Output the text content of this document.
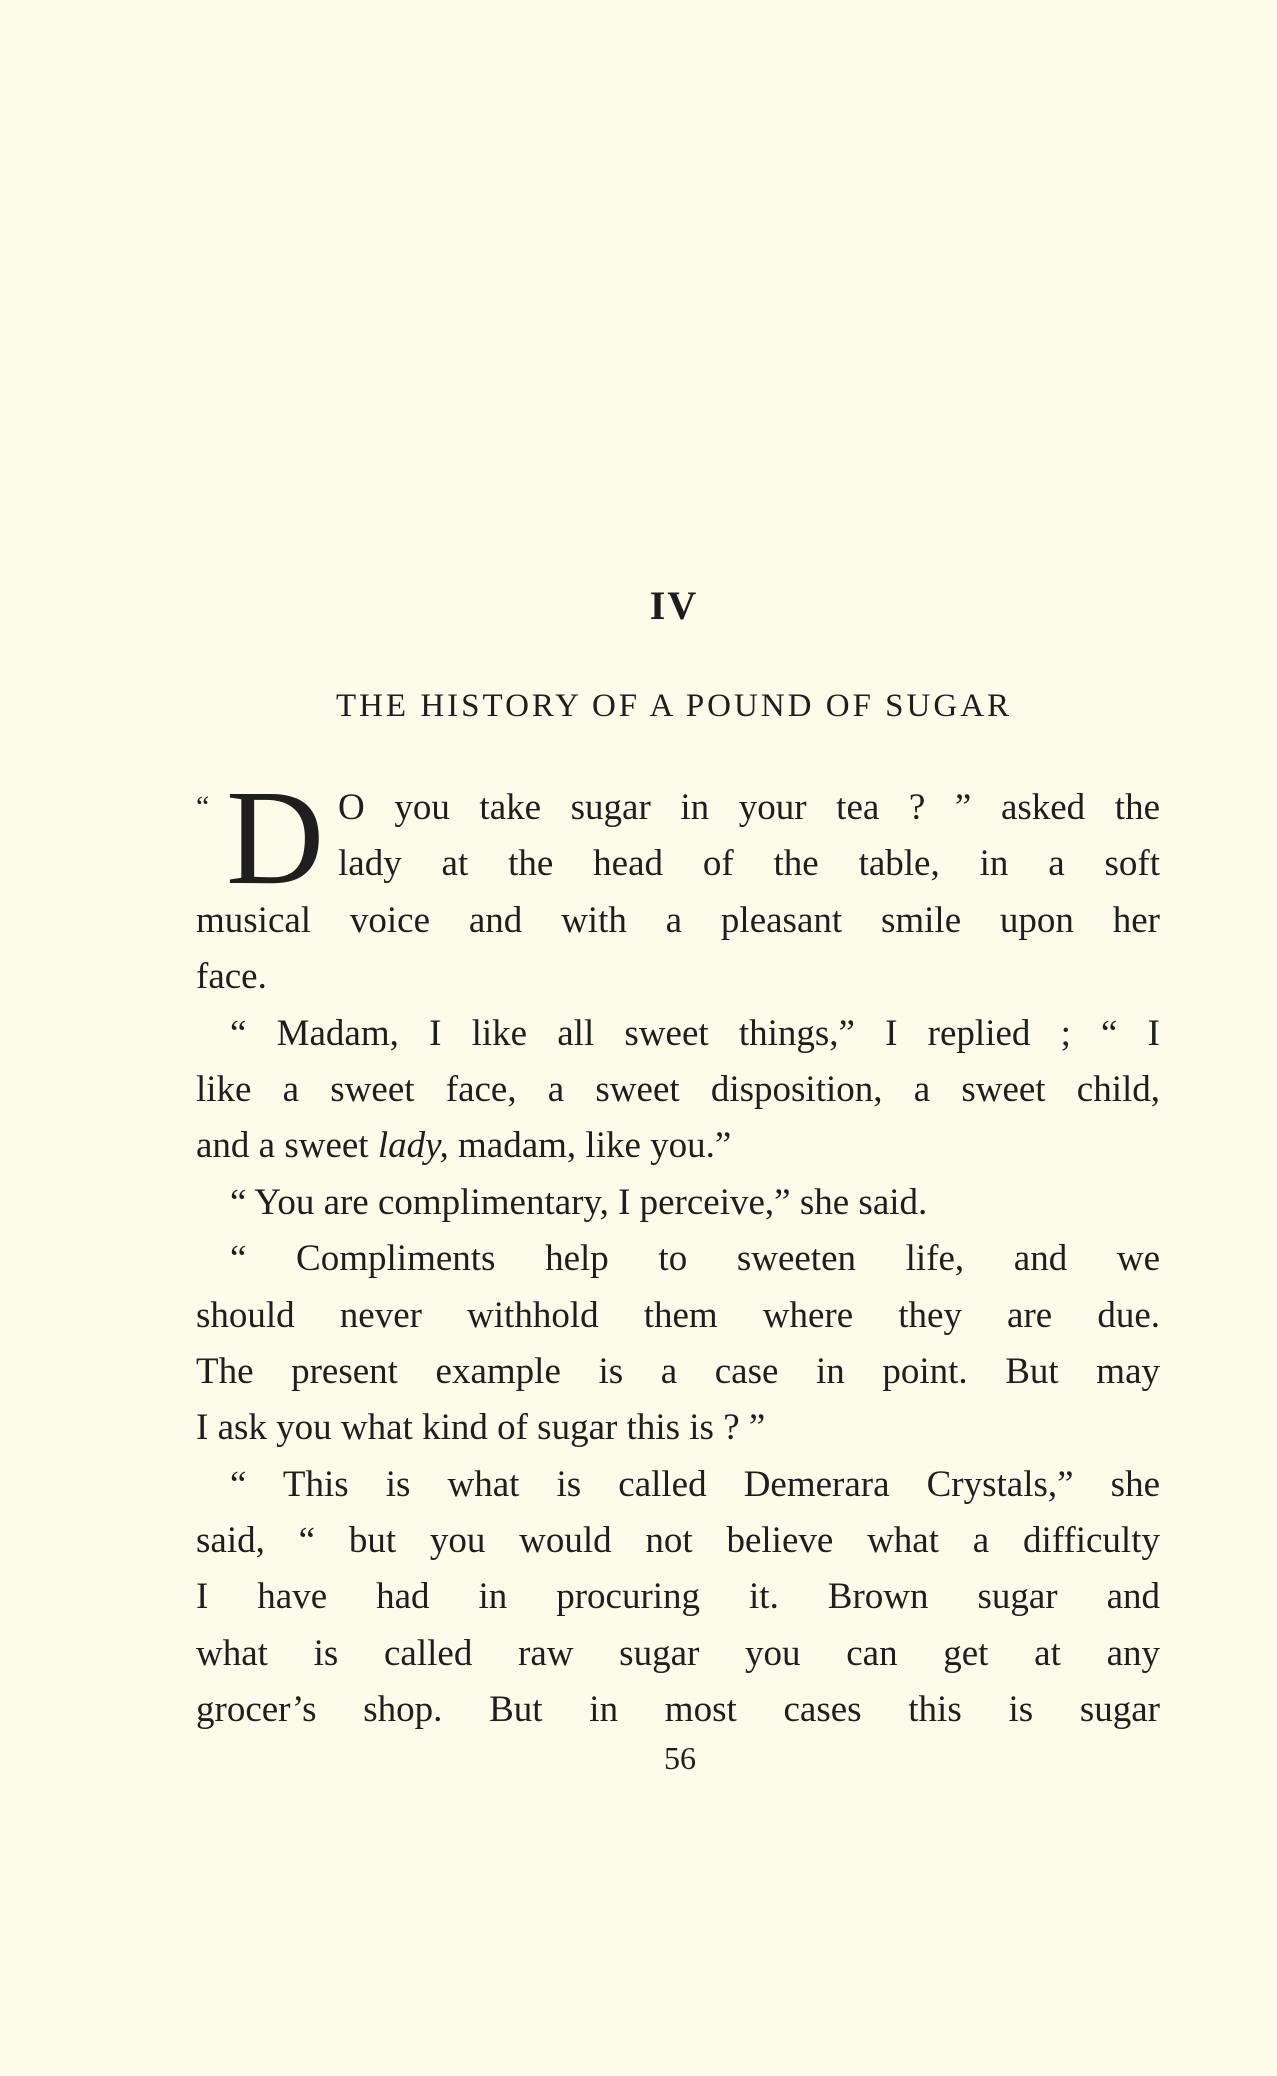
IV
THE HISTORY OF A POUND OF SUGAR
“ D O you take sugar in your tea ? ” asked the
lady at the head of the table, in a soft
musical voice and with a pleasant smile upon her
face.
“ Madam, I like all sweet things,” I replied ; “ I
like a sweet face, a sweet disposition, a sweet child,
and a sweet lady, madam, like you.”
“ You are complimentary, I perceive,” she said.
“ Compliments help to sweeten life, and we
should never withhold them where they are due.
The present example is a case in point. But may
I ask you what kind of sugar this is ? ”
“ This is what is called Demerara Crystals,” she
said, “ but you would not believe what a difficulty
I have had in procuring it. Brown sugar and
what is called raw sugar you can get at any
grocer’s shop. But in most cases this is sugar
56
